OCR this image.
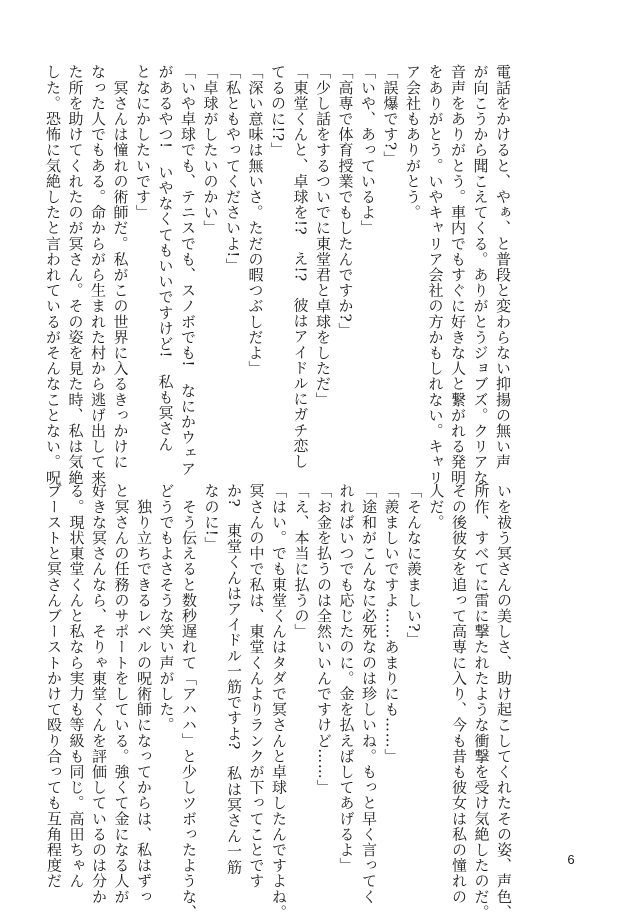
電話をかけると、やぁ、と普段と変わらない抑揚の無い声
が向こうから聞こえてくる。ありがとうジョブズ。クリアな
音声をありがとう。車内でもすぐに好きな人と繋がれる発明
をありがとう。いやキャリア会社の方かもしれない。キャリ
ア会社もありがとう。
「誤爆です?」
「いや、あっているよ」
「高専で体育授業でもしたんですか?」
「少し話をするついでに東堂君と卓球をしただ」
「東堂くんと、卓球を!?　え!?　彼はアイドルにガチ恋し
てるのに!?」
「深い意味は無いさ。ただの暇つぶしだよ」
「私ともやってくださいよ!」
「卓球がしたいのかい」
「いや卓球でも、テニスでも、スノボでも!　なにかウェア
があるやつ!　いやなくてもいいですけど!　私も冥さん
となにかしたいです」
　冥さんは憧れの術師だ。私がこの世界に入るきっかけに
なった人でもある。命からがら生まれた村から逃げ出して来
た所を助けてくれたのが冥さん。その姿を見た時、私は気絶
した。恐怖に気絶したと言われているがそんなことない。呪
いを祓う冥さんの美しさ、助け起こしてくれたその姿、声色、
所作、すべてに雷に撃たれたような衝撃を受け気絶したのだ。
その後彼女を追って高専に入り、今も昔も彼女は私の憧れの
人だ。
「そんなに羨ましい?」
「羨ましいですよ……あまりにも……」
「途和がこんなに必死なのは珍しいね。もっと早く言ってく
れればいつでも応じたのに。金を払えばしてあげるよ」
「お金を払うのは全然いいんですけど……」
「え、本当に払うの」
「はい。でも東堂くんはタダで冥さんと卓球したんですよね。
冥さんの中で私は、東堂くんよりランクが下ってことです
か?　東堂くんはアイドル一筋ですよ?　私は冥さん一筋
なのに!」
　そう伝えると数秒遅れて「アハハ」と少しツボったような、
どうでもよさそうな笑い声がした。
　独り立ちできるレベルの呪術師になってからは、私はずっ
と冥さんの任務のサポートをしている。強くて金になる人が
好きな冥さんなら、そりゃ東堂くんを評価しているのは分か
る。現状東堂くんと私なら実力も等級も同じ。高田ちゃん
ブーストと冥さんブーストかけて殴り合っても互角程度だ	6
